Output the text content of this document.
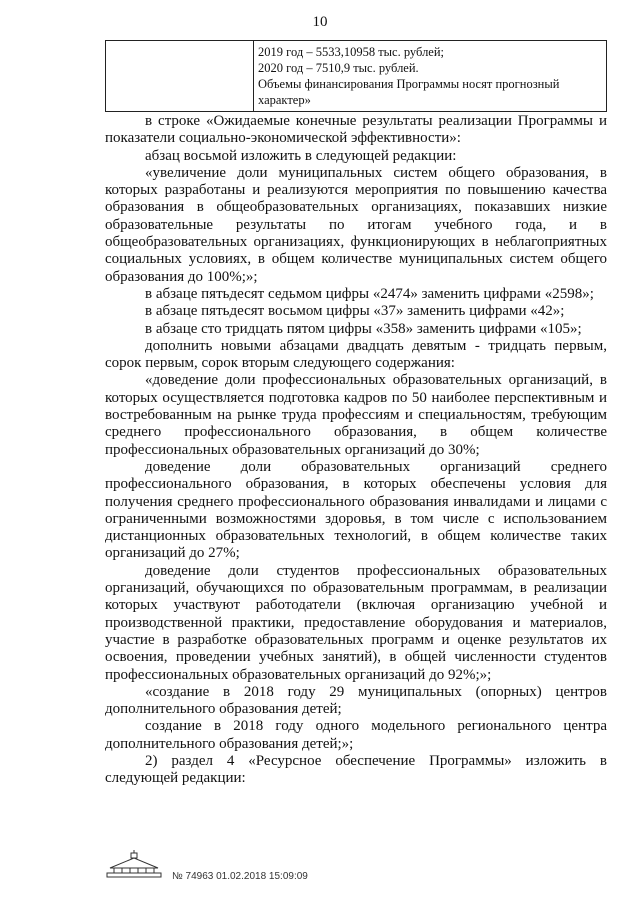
10

2019 год – 5533,10958 тыс. рублей;
2020 год – 7510,9 тыс. рублей.
Объемы финансирования Программы носят прогнозный
характер»

в строке «Ожидаемые конечные результаты реализации Программы и показатели социально-экономической эффективности»:

абзац восьмой изложить в следующей редакции:

«увеличение доли муниципальных систем общего образования, в которых разработаны и реализуются мероприятия по повышению качества образования в общеобразовательных организациях, показавших низкие образовательные результаты по итогам учебного года, и в общеобразовательных организациях, функционирующих в неблагоприятных социальных условиях, в общем количестве муниципальных систем общего образования до 100%;»;

в абзаце пятьдесят седьмом цифры «2474» заменить цифрами «2598»;

в абзаце пятьдесят восьмом цифры «37» заменить цифрами «42»;

в абзаце сто тридцать пятом цифры «358» заменить цифрами «105»;

дополнить новыми абзацами двадцать девятым - тридцать первым, сорок первым, сорок вторым следующего содержания:

«доведение доли профессиональных образовательных организаций, в которых осуществляется подготовка кадров по 50 наиболее перспективным и востребованным на рынке труда профессиям и специальностям, требующим среднего профессионального образования, в общем количестве профессиональных образовательных организаций до 30%;

доведение доли образовательных организаций среднего профессионального образования, в которых обеспечены условия для получения среднего профессионального образования инвалидами и лицами с ограниченными возможностями здоровья, в том числе с использованием дистанционных образовательных технологий, в общем количестве таких организаций до 27%;

доведение доли студентов профессиональных образовательных организаций, обучающихся по образовательным программам, в реализации которых участвуют работодатели (включая организацию учебной и производственной практики, предоставление оборудования и материалов, участие в разработке образовательных программ и оценке результатов их освоения, проведении учебных занятий), в общей численности студентов профессиональных образовательных организаций до 92%;»;

«создание в 2018 году 29 муниципальных (опорных) центров дополнительного образования детей;

создание в 2018 году одного модельного регионального центра дополнительного образования детей;»;

2) раздел 4 «Ресурсное обеспечение Программы» изложить в следующей редакции:

№ 74963 01.02.2018 15:09:09
